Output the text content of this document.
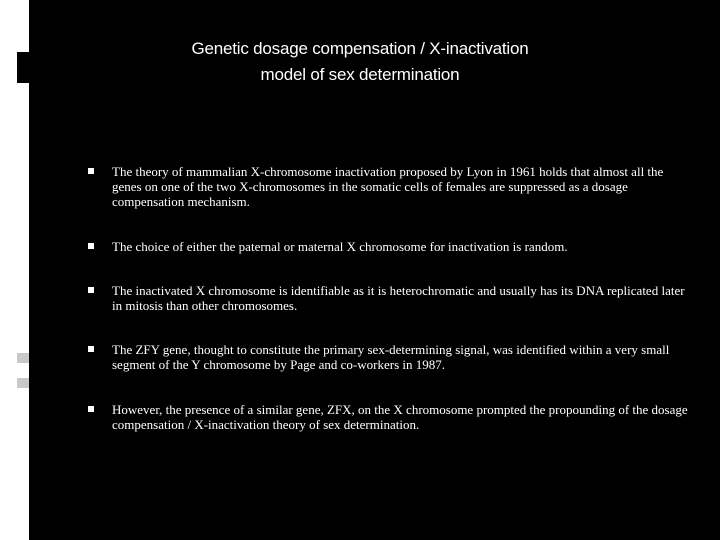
Genetic dosage compensation / X-inactivation
model of sex determination
The theory of mammalian X-chromosome inactivation proposed by Lyon in 1961 holds that almost all the genes on one of the two X-chromosomes in the somatic cells of females are suppressed as a dosage compensation mechanism.
The choice of either the paternal or maternal X chromosome for inactivation is random.
The inactivated X chromosome is identifiable as it is heterochromatic and usually has its DNA replicated later in mitosis than other chromosomes.
The ZFY gene, thought to constitute the primary sex-determining signal, was identified within a very small segment of the Y chromosome by Page and co-workers in 1987.
However, the presence of a similar gene, ZFX, on the X chromosome prompted the propounding of the dosage compensation / X-inactivation theory of sex determination.
